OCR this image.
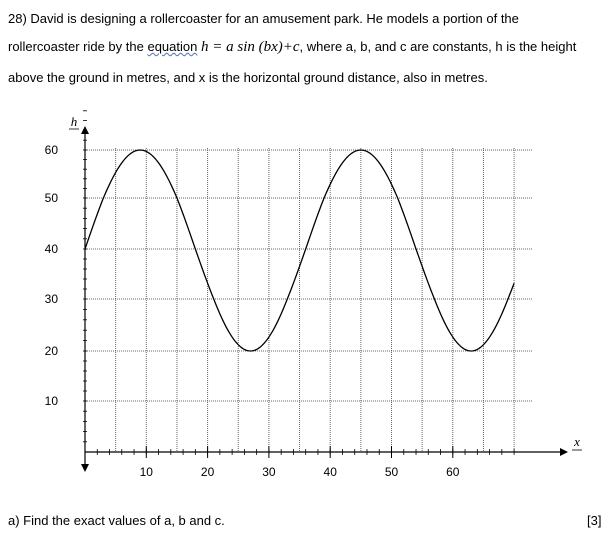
28) David is designing a rollercoaster for an amusement park. He models a portion of the
rollercoaster ride by the equation h = a sin (bx)+c, where a, b, and c are constants, h is the height
above the ground in metres, and x is the horizontal ground distance, also in metres.
10	20	30	40	50	60
10
20
30
40
50
60
h
x
a) Find the exact values of a, b and c.	[3]
